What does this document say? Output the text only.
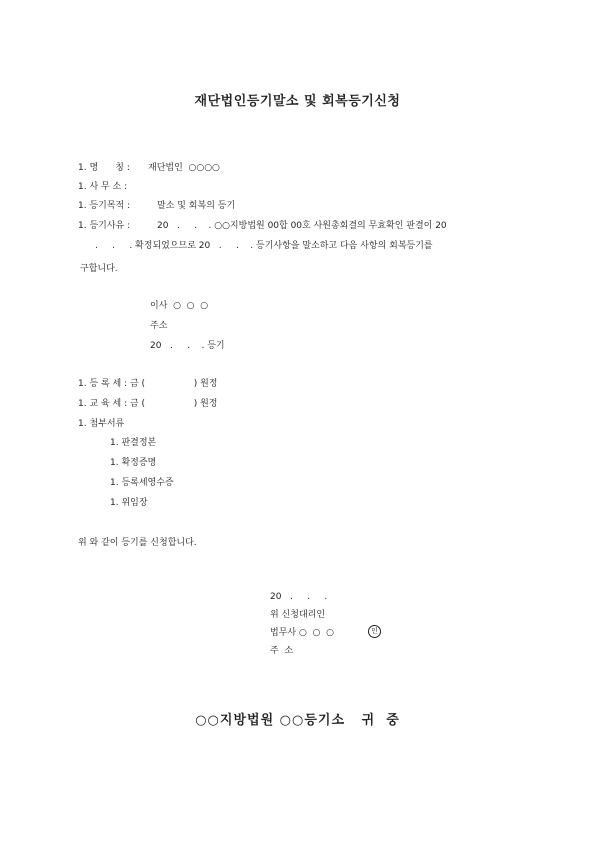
재단법인등기말소 및 회복등기신청
1. 명      칭 : 재단법인  ○○○○
1. 사 무 소 :
1. 등기목적 :	말소 및 회복의 등기
1. 등기사유 :	20   .     .    . ○○지방법원 00합 00호 사원총회결의 무효확인 판결이 20
.     .     . 확정되었으므로 20   .     .    . 등기사항을 말소하고 다음 사항의 회복등기를
구합니다.
이사  ○  ○  ○
주소
20   .     .    . 등기
1. 등 록 세 : 금 (                 ) 원정
1. 교 육 세 : 금 (                 ) 원정
1. 첨부서류
1. 판결정본
1. 확정증명
1. 등록세영수증
1. 위임장
위 와 같이 등기를 신청합니다.
20   .     .     .
위 신청대리인
법무사 ○  ○  ○	인
주  소
○○지방법원 ○○등기소   귀  중
